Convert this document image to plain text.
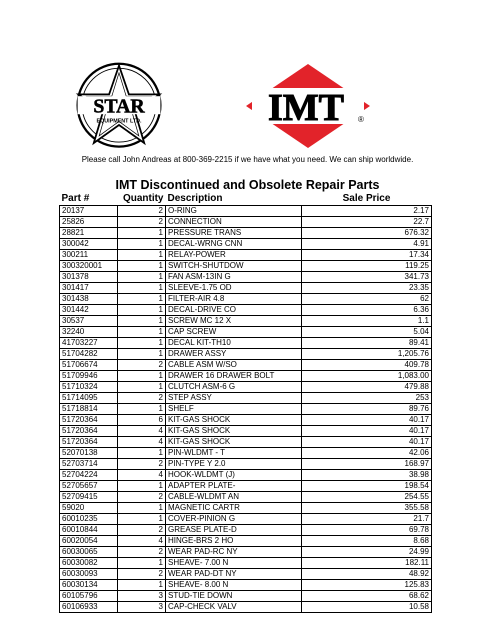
STAR
EQUIPMENT LTD.	IMT ®
Please call John Andreas at 800-369-2215 if we have what you need. We can ship worldwide.
IMT Discontinued and Obsolete Repair Parts
Part #	Quantity	Description	Sale Price
20137	2	O-RING	2.17
25826	2	CONNECTION	22.7
28821	1	PRESSURE TRANS	676.32
300042	1	DECAL-WRNG CNN	4.91
300211	1	RELAY-POWER	17.34
300320001	1	SWITCH-SHUTDOW	119.25
301378	1	FAN ASM-13IN G	341.73
301417	1	SLEEVE-1.75 OD	23.35
301438	1	FILTER-AIR 4.8	62
301442	1	DECAL-DRIVE CO	6.36
30537	1	SCREW MC 12 X	1.1
32240	1	CAP SCREW	5.04
41703227	1	DECAL KIT-TH10	89.41
51704282	1	DRAWER ASSY	1,205.76
51706674	2	CABLE ASM W/SO	409.78
51709946	1	DRAWER 16 DRAWER BOLT	1,083.00
51710324	1	CLUTCH ASM-6 G	479.88
51714095	2	STEP ASSY	253
51718814	1	SHELF	89.76
51720364	6	KIT-GAS SHOCK	40.17
51720364	4	KIT-GAS SHOCK	40.17
51720364	4	KIT-GAS SHOCK	40.17
52070138	1	PIN-WLDMT - T	42.06
52703714	2	PIN-TYPE Y 2.0	168.97
52704224	4	HOOK-WLDMT (J)	38.98
52705657	1	ADAPTER PLATE-	198.54
52709415	2	CABLE-WLDMT AN	254.55
59020	1	MAGNETIC CARTR	355.58
60010235	1	COVER-PINION G	21.7
60010844	2	GREASE PLATE-D	69.78
60020054	4	HINGE-BRS 2 HO	8.68
60030065	2	WEAR PAD-RC NY	24.99
60030082	1	SHEAVE- 7.00 N	182.11
60030093	2	WEAR PAD-DT NY	48.92
60030134	1	SHEAVE- 8.00 N	125.83
60105796	3	STUD-TIE DOWN	68.62
60106933	3	CAP-CHECK VALV	10.58
